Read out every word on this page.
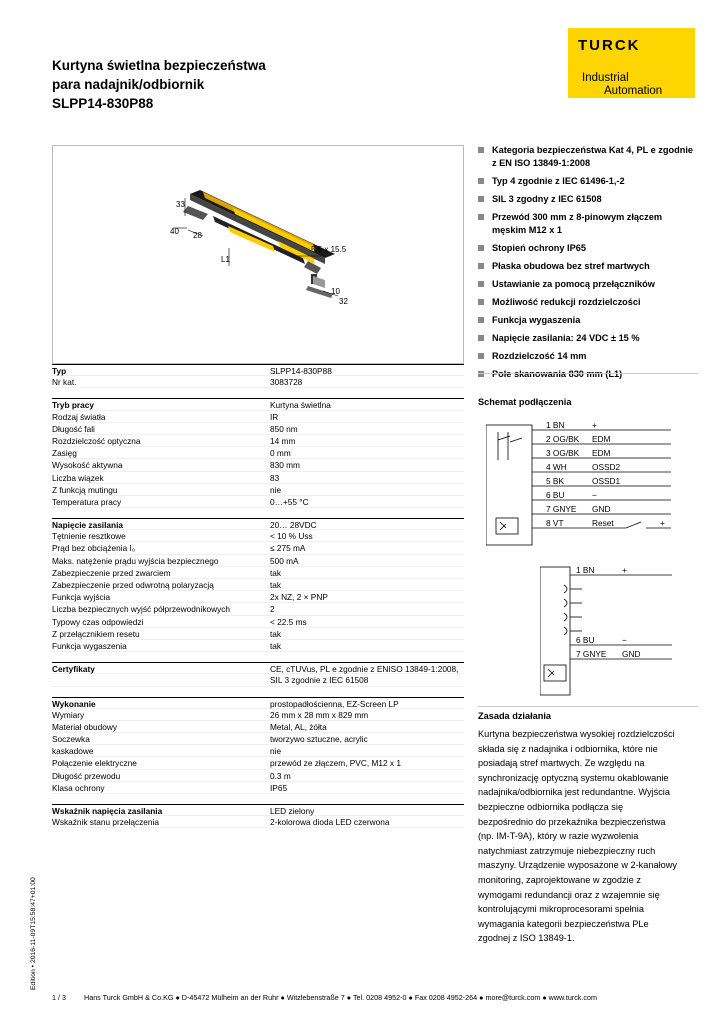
Kurtyna świetlna bezpieczeństwa
para nadajnik/odbiornik
SLPP14-830P88
TURCK
Industrial
Automation
33
40 28
L1
5.5 x 15.5
10
32
Kategoria bezpieczeństwa Kat 4, PL e zgodnie z EN ISO 13849-1:2008
Typ 4 zgodnie z IEC 61496-1,-2
SIL 3 zgodny z IEC 61508
Przewód 300 mm z 8-pinowym złączem męskim M12 x 1
Stopień ochrony IP65
Płaska obudowa bez stref martwych
Ustawianie za pomocą przełączników
Możliwość redukcji rozdzielczości
Funkcja wygaszenia
Napięcie zasilania: 24 VDC ± 15 %
Rozdzielczość 14 mm
Pole skanowania 830 mm (L1)
Typ	SLPP14-830P88
Nr kat.	3083728
Tryb pracy	Kurtyna świetlna
Rodzaj światła	IR
Długość fali	850 nm
Rozdzielczość optyczna	14 mm
Zasięg	0 mm
Wysokość aktywna	830 mm
Liczba wiązek	83
Z funkcją mutingu	nie
Temperatura pracy	0…+55 °C
Napięcie zasilania	20… 28VDC
Tętnienie resztkowe	< 10 % Uss
Prąd bez obciążenia I₀	≤ 275 mA
Maks. natężenie prądu wyjścia bezpiecznego	500 mA
Zabezpieczenie przed zwarciem	tak
Zabezpieczenie przed odwrotną polaryzacją	tak
Funkcja wyjścia	2x NZ, 2 × PNP
Liczba bezpiecznych wyjść półprzewodnikowych	2
Typowy czas odpowiedzi	< 22.5 ms
Z przełącznikiem resetu	tak
Funkcja wygaszenia	tak
Certyfikaty	CE, cTUVus, PL e zgodnie z ENISO 13849-1:2008,
SIL 3 zgodnie z IEC 61508
Wykonanie	prostopadłościenna, EZ-Screen LP
Wymiary	26 mm x 28 mm x 829 mm
Materiał obudowy	Metal, AL, żółta
Soczewka	tworzywo sztuczne, acrylic
kaskadowe	nie
Połączenie elektryczne	przewód ze złączem, PVC, M12 x 1
Długość przewodu	0.3 m
Klasa ochrony	IP65
Wskaźnik napięcia zasilania	LED zielony
Wskaźnik stanu przełączenia	2-kolorowa dioda LED czerwona
Schemat podłączenia
1 BN	+
2 OG/BK EDM
3 OG/BK EDM
4 WH	OSSD2
5 BK	OSSD1
6 BU	−
7 GNYE GND
8 VT	Reset	+
1 BN	+
6 BU	−
7 GNYE GND
Zasada działania
Kurtyna bezpieczeństwa wysokiej rozdzielczości składa się z nadajnika i odbiornika, które nie posiadają stref martwych. Ze względu na synchronizację optyczną systemu okablowanie nadajnika/odbiornika jest redundantne. Wyjścia bezpieczne odbiornika podłącza się bezpośrednio do przekaźnika bezpieczeństwa (np. IM-T-9A), który w razie wyzwolenia natychmiast zatrzymuje niebezpieczny ruch maszyny. Urządzenie wyposażone w 2-kanałowy monitoring, zaprojektowane w zgodzie z wymogami redundancji oraz z wzajemnie się kontrolującymi mikroprocesorami spełnia wymagania kategorii bezpieczeństwa PLe zgodnej z ISO 13849-1.
Edition • 2016-11-09T15:58:47+01:00
1 / 3	Hans Turck GmbH & Co.KG ● D-45472 Mülheim an der Ruhr ● Witzlebenstraße 7 ● Tel. 0208 4952-0 ● Fax 0208 4952-264 ● more@turck.com ● www.turck.com
